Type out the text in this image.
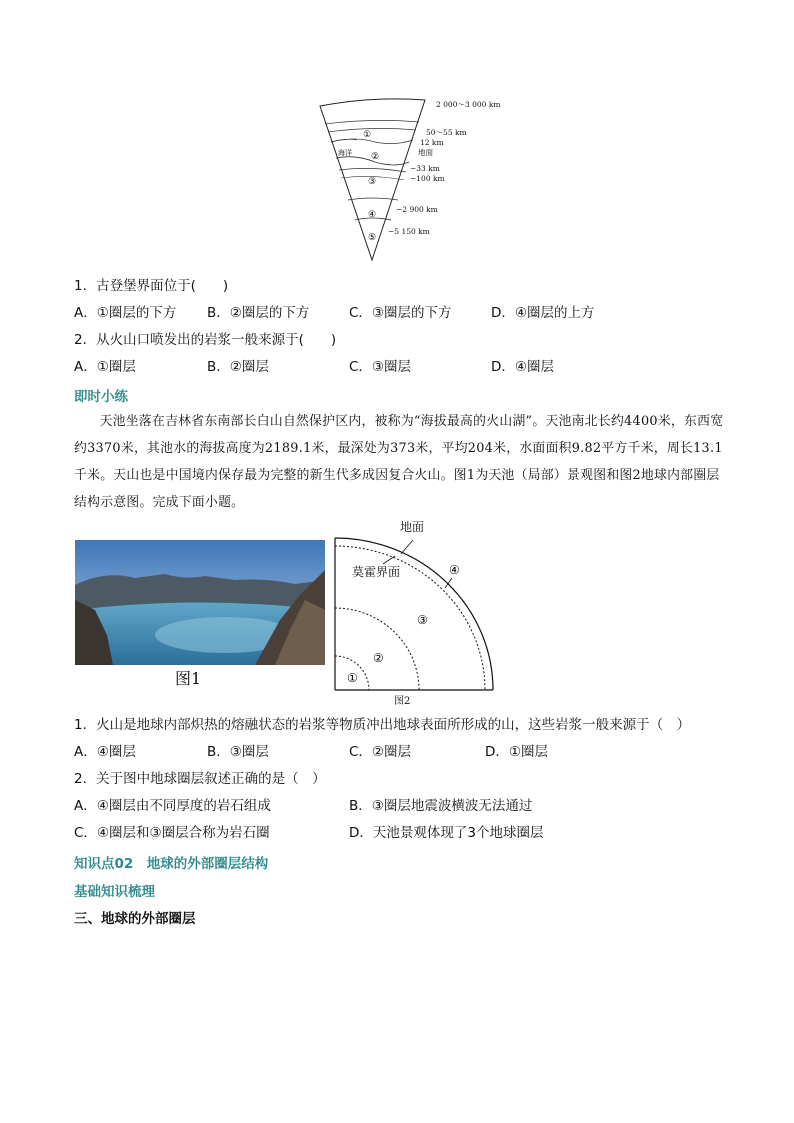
①
②
③
④
⑤
海洋
2 000～3 000 km
50～55 km
12 km
地面
−33 km
−100 km
−2 900 km
−5 150 km
1．古登堡界面位于(　　)
A．①圈层的下方 B．②圈层的下方	C．③圈层的下方	D．④圈层的上方
2．从火山口喷发出的岩浆一般来源于(　　)
A．①圈层	B．②圈层	C．③圈层	D．④圈层
即时小练
天池坐落在吉林省东南部长白山自然保护区内，被称为“海拔最高的火山湖”。天池南北长约4400米，东西宽约3370米，其池水的海拔高度为2189.1米，最深处为373米，平均204米，水面面积9.82平方千米，周长13.1千米。天山也是中国境内保存最为完整的新生代多成因复合火山。图1为天池（局部）景观图和图2地球内部圈层结构示意图。完成下面小题。
图1	①
②
③
④
地面
莫霍界面
图2
1．火山是地球内部炽热的熔融状态的岩浆等物质冲出地球表面所形成的山，这些岩浆一般来源于（　）
A．④圈层	B．③圈层	C．②圈层	D．①圈层
2．关于图中地球圈层叙述正确的是（　）
A．④圈层由不同厚度的岩石组成	B．③圈层地震波横波无法通过
C．④圈层和③圈层合称为岩石圈	D．天池景观体现了3个地球圈层
知识点02　地球的外部圈层结构
基础知识梳理
三、地球的外部圈层
